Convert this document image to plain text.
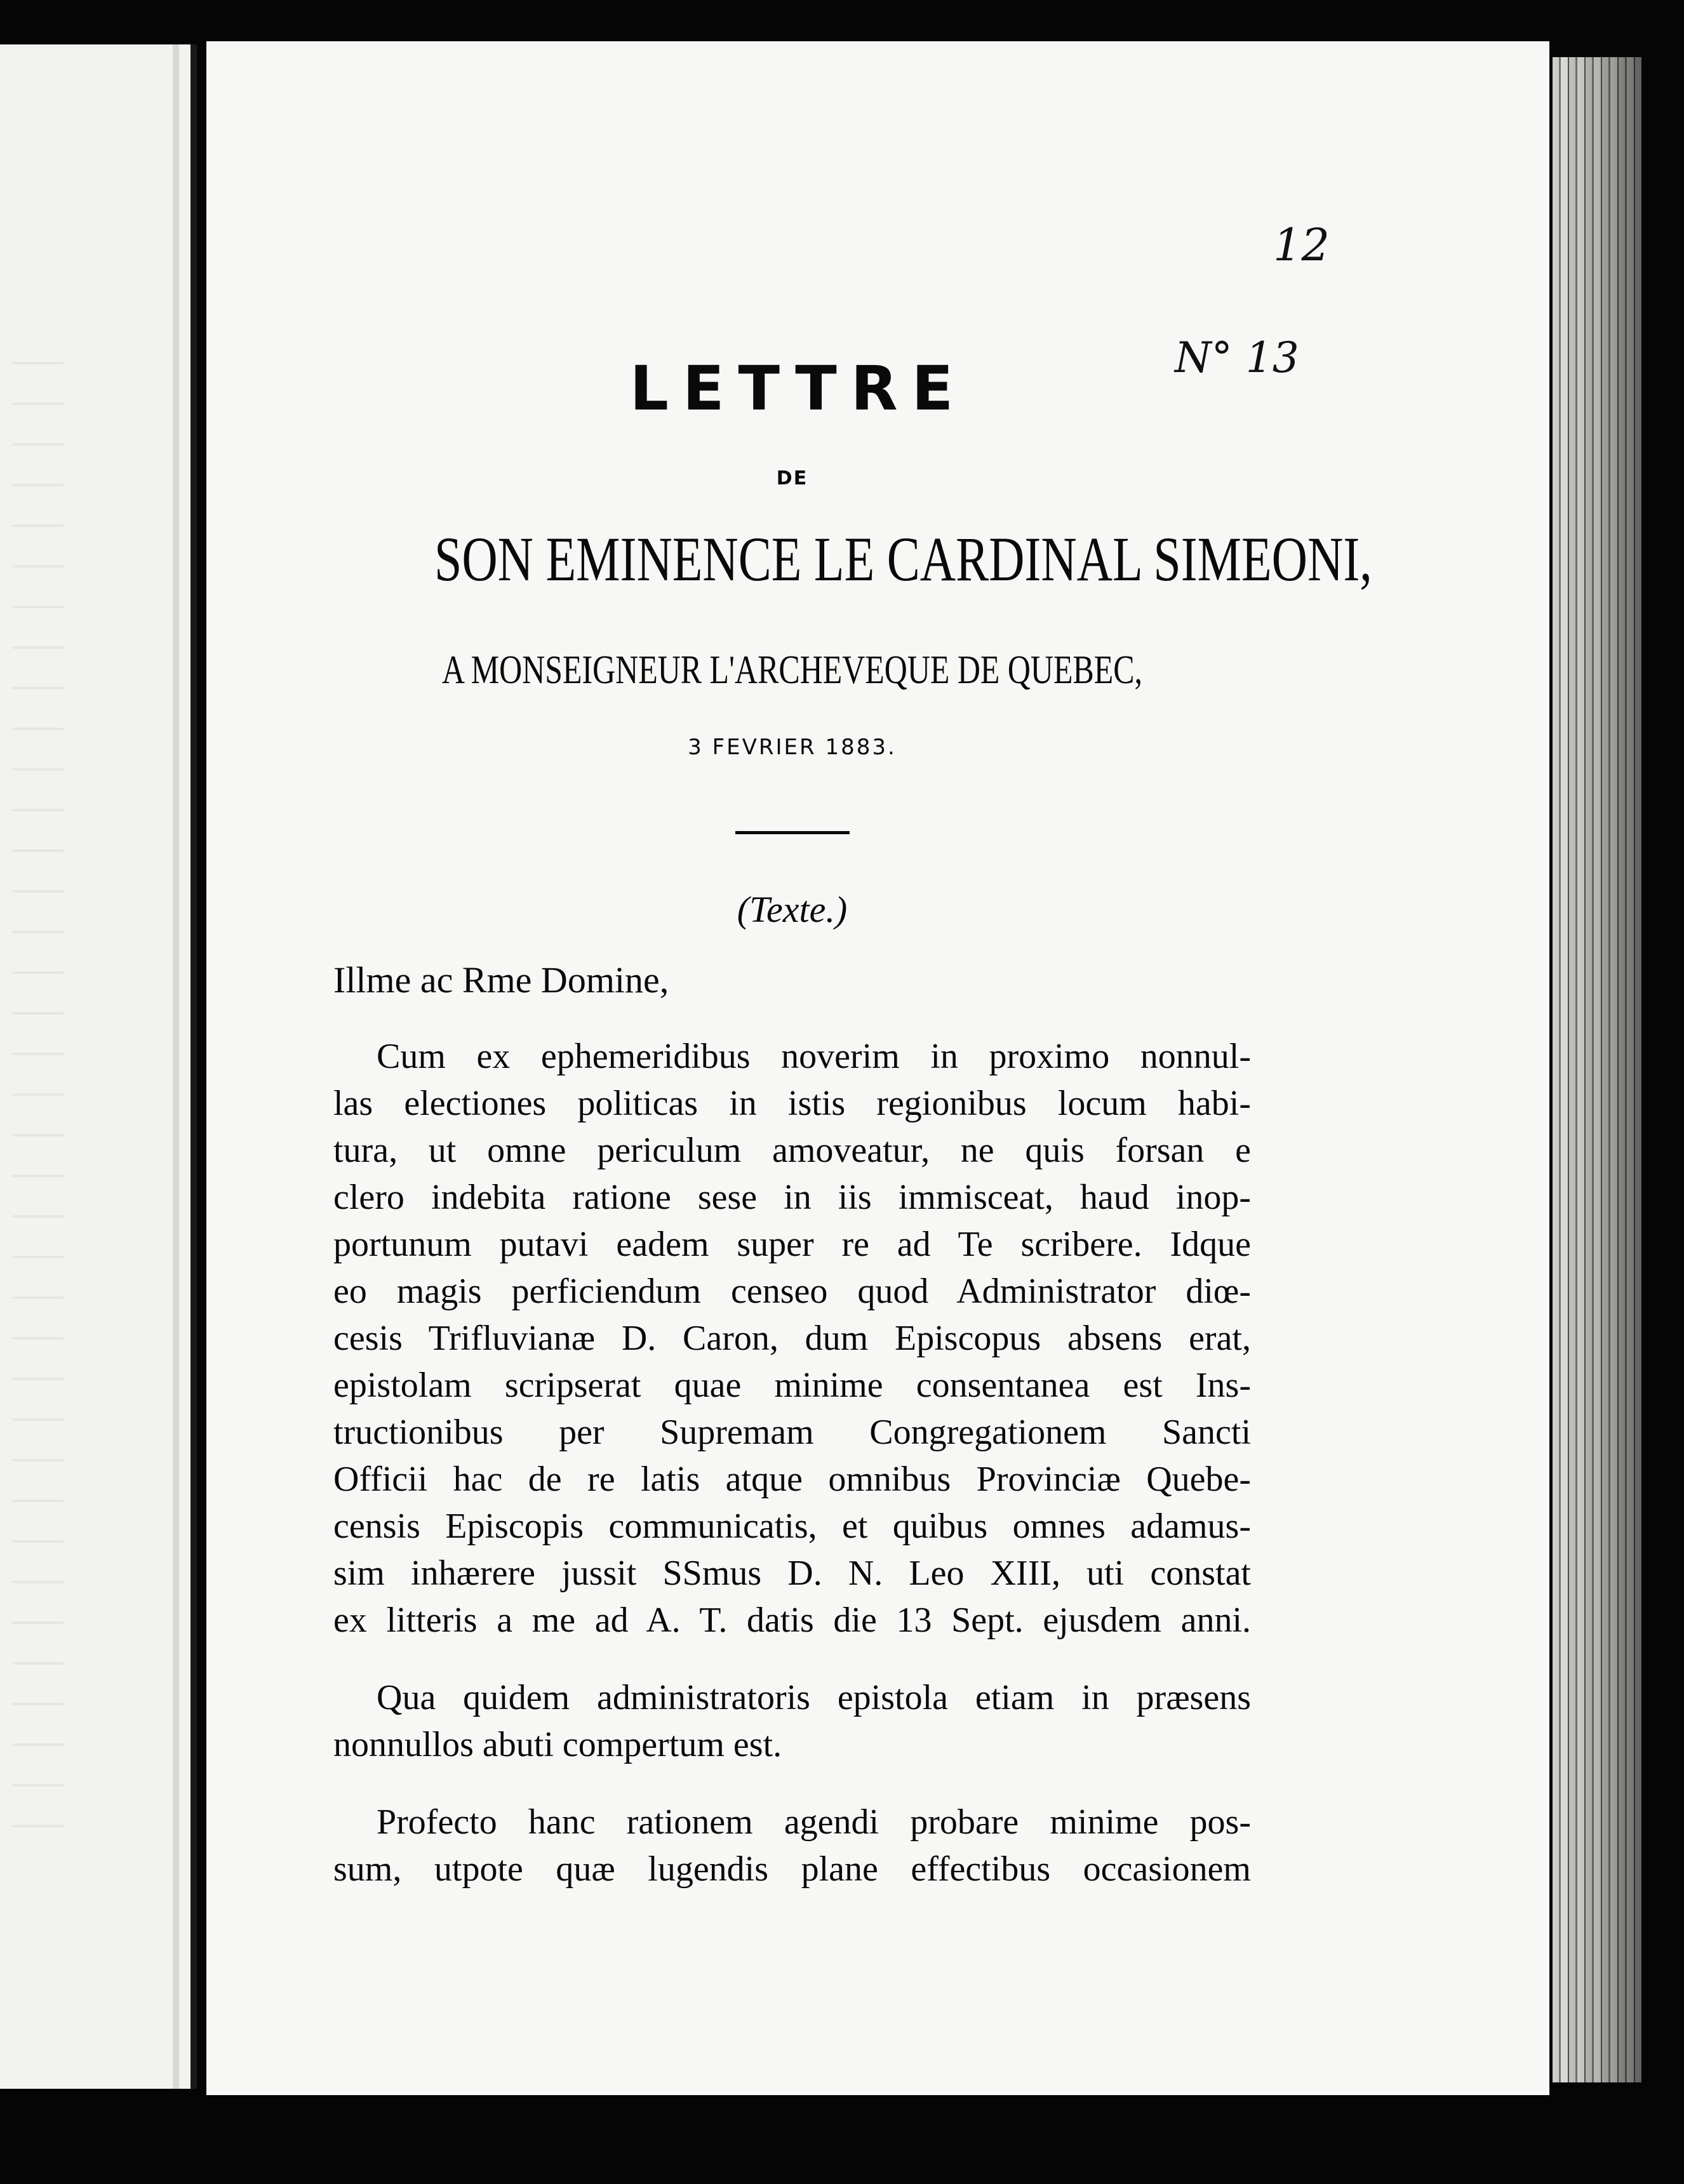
12
N° 13
LETTRE
DE
SON EMINENCE LE CARDINAL SIMEONI,
A MONSEIGNEUR L'ARCHEVEQUE DE QUEBEC,
3 FEVRIER 1883.
(Texte.)
Illme ac Rme Domine,
Cum ex ephemeridibus noverim in proximo nonnul-
las electiones politicas in istis regionibus locum habi-
tura, ut omne periculum amoveatur, ne quis forsan e
clero indebita ratione sese in iis immisceat, haud inop-
portunum putavi eadem super re ad Te scribere. Idque
eo magis perficiendum censeo quod Administrator diœ-
cesis Trifluvianæ D. Caron, dum Episcopus absens erat,
epistolam scripserat quae minime consentanea est Ins-
tructionibus per Supremam Congregationem Sancti
Officii hac de re latis atque omnibus Provinciæ Quebe-
censis Episcopis communicatis, et quibus omnes adamus-
sim inhærere jussit SSmus D. N. Leo XIII, uti constat
ex litteris a me ad A. T. datis die 13 Sept. ejusdem anni.
Qua quidem administratoris epistola etiam in præsens
nonnullos abuti compertum est.
Profecto hanc rationem agendi probare minime pos-
sum, utpote quæ lugendis plane effectibus occasionem
